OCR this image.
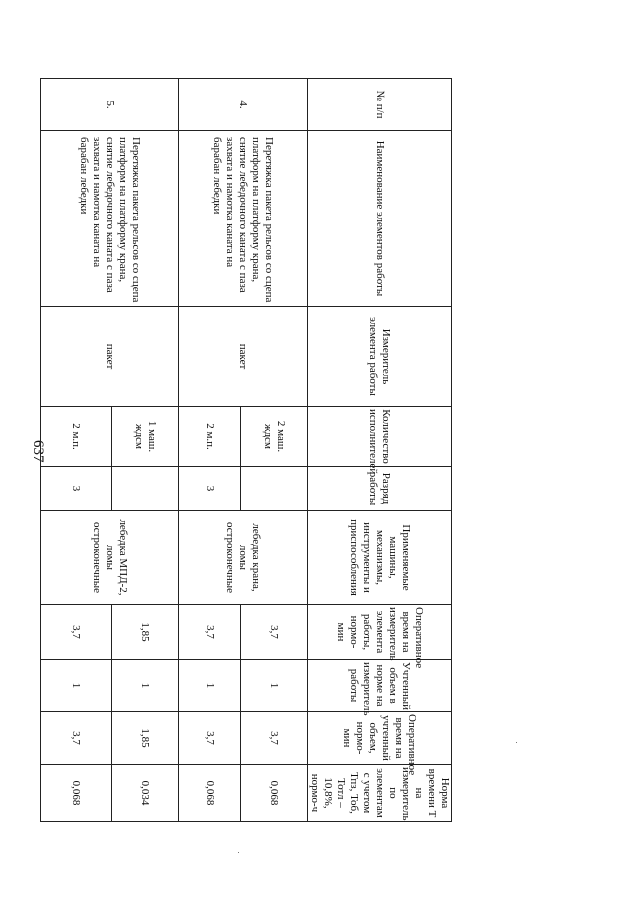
637
№ п/п	Наименование элементов работы	Измеритель элемента работы	Количество исполнителей	Разряд работы	Применяемые машины, механизмы, инструменты и приспособления	Оперативное время на измеритель элемента работы, нормо-мин	Учтенный объем в норме на измеритель работы	Оперативное время на учтенный объем, нормо-мин	Норма времени Т на измеритель по элементам с учетом Тпз, Тоб, Тотл – 10,8%, нормо-ч
4.	Перетяжка пакета рельсов со сцепа платформ на платформу крана, снятие лебедочного каната с паза захвата и намотка каната на барабан лебедки	пакет	2 маш. ждсм		лебедка крана, ломы остроконечные	3,7	1	3,7	0,068
			2 м.п.	3		3,7	1	3,7	0,068
5.	Перетяжка пакета рельсов со сцепа платформ на платформу крана, снятие лебедочного каната с паза захвата и намотка каната на барабан лебедки	пакет	1 маш. ждсм		лебедка МПД-2, ломы остроконечные	1,85	1	1,85	0,034
			2 м.п.	3		3,7	1	3,7	0,068
